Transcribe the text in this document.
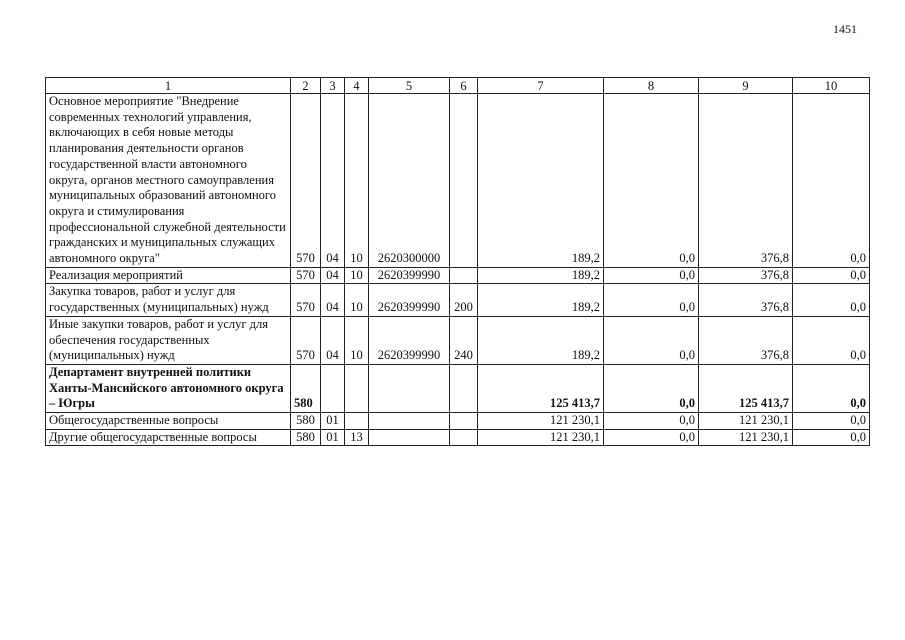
1451
1	2	3	4	5	6	7	8	9	10
Основное мероприятие "Внедрение современных технологий управления, включающих в себя новые методы планирования деятельности органов государственной власти автономного округа, органов местного самоуправления муниципальных образований автономного округа и стимулирования профессиональной служебной деятельности гражданских и муниципальных служащих автономного округа"	570	04	10	2620300000		189,2	0,0	376,8	0,0
Реализация мероприятий	570	04	10	2620399990		189,2	0,0	376,8	0,0
Закупка товаров, работ и услуг для государственных (муниципальных) нужд	570	04	10	2620399990	200	189,2	0,0	376,8	0,0
Иные закупки товаров, работ и услуг для обеспечения государственных (муниципальных) нужд	570	04	10	2620399990	240	189,2	0,0	376,8	0,0
Департамент внутренней политики Ханты-Мансийского автономного округа – Югры	580					125 413,7	0,0	125 413,7	0,0
Общегосударственные вопросы	580	01				121 230,1	0,0	121 230,1	0,0
Другие общегосударственные вопросы	580	01	13			121 230,1	0,0	121 230,1	0,0
